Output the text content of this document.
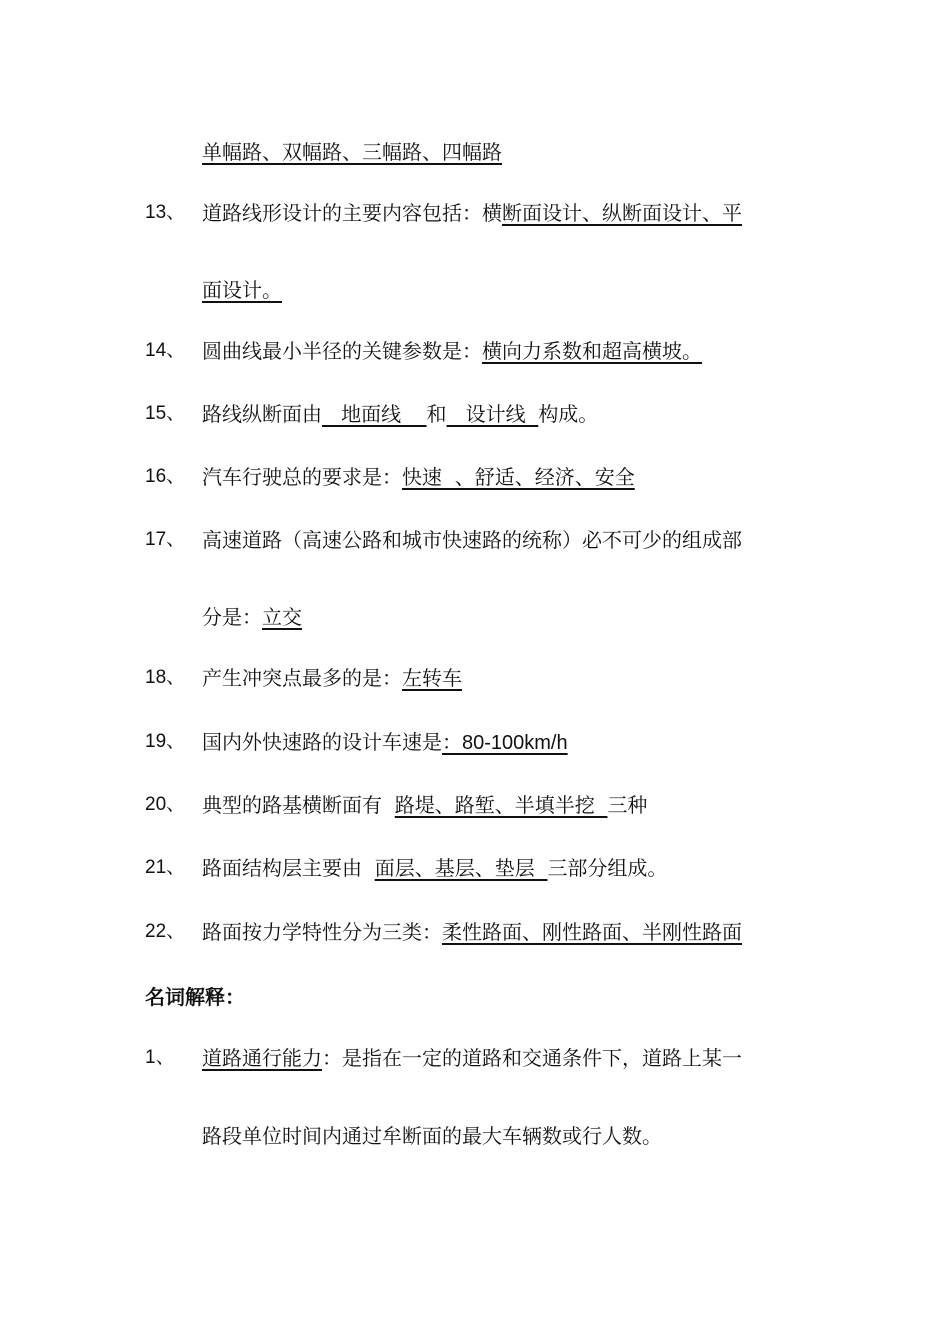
单幅路、双幅路、三幅路、四幅路
13、 道路线形设计的主要内容包括：横断面设计、纵断面设计、平
面设计。
14、 圆曲线最小半径的关键参数是：横向力系数和超高横坡。
15、 路线纵断面由   地面线    和   设计线  构成。
16、 汽车行驶总的要求是：快速  、舒适、经济、安全
17、 高速道路（高速公路和城市快速路的统称）必不可少的组成部
分是：立交
18、 产生冲突点最多的是：左转车
19、 国内外快速路的设计车速是：80-100km/h
20、 典型的路基横断面有  路堤、路堑、半填半挖  三种
21、 路面结构层主要由  面层、基层、垫层  三部分组成。
22、 路面按力学特性分为三类：柔性路面、刚性路面、半刚性路面
名词解释：
1、 道路通行能力：是指在一定的道路和交通条件下，道路上某一
路段单位时间内通过牟断面的最大车辆数或行人数。
